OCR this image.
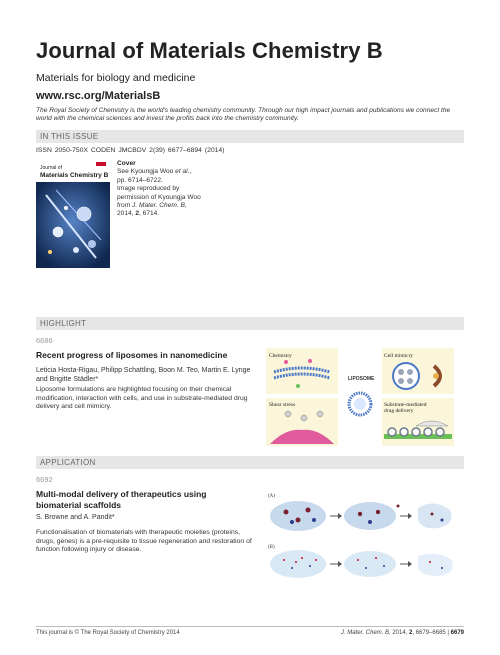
Journal of Materials Chemistry B
Materials for biology and medicine
www.rsc.org/MaterialsB
The Royal Society of Chemistry is the world's leading chemistry community. Through our high impact journals and publications we connect the world with the chemical sciences and invest the profits back into the chemistry community.
IN THIS ISSUE
ISSN 2050-750X CODEN JMCBDV 2(39) 6677–6894 (2014)
Journal of
Materials Chemistry B
Cover
See Kyoungja Woo et al.,
pp. 6714–6722.
Image reproduced by
permission of Kyoungja Woo
from J. Mater. Chem. B,
2014, 2, 6714.
HIGHLIGHT
6686
Recent progress of liposomes in nanomedicine
Leticia Hosta-Rigau, Philipp Schattling, Boon M. Teo, Martin E. Lynge and Brigitte Städler*
Liposome formulations are highlighted focusing on their chemical modification, interaction with cells, and use in substrate-mediated drug delivery and cell mimicry.
Chemistry	Cell mimicry
Shear stress	Substrate-mediated
drug delivery
LIPOSOME
APPLICATION
6692
Multi-modal delivery of therapeutics using biomaterial scaffolds
S. Browne and A. Pandit*
Functionalisation of biomaterials with therapeutic moieties (proteins, drugs, genes) is a pre-requisite to tissue regeneration and restoration of function following injury or disease.
(A)
(B)
This journal is © The Royal Society of Chemistry 2014	J. Mater. Chem. B, 2014, 2, 6679–6685 | 6679
